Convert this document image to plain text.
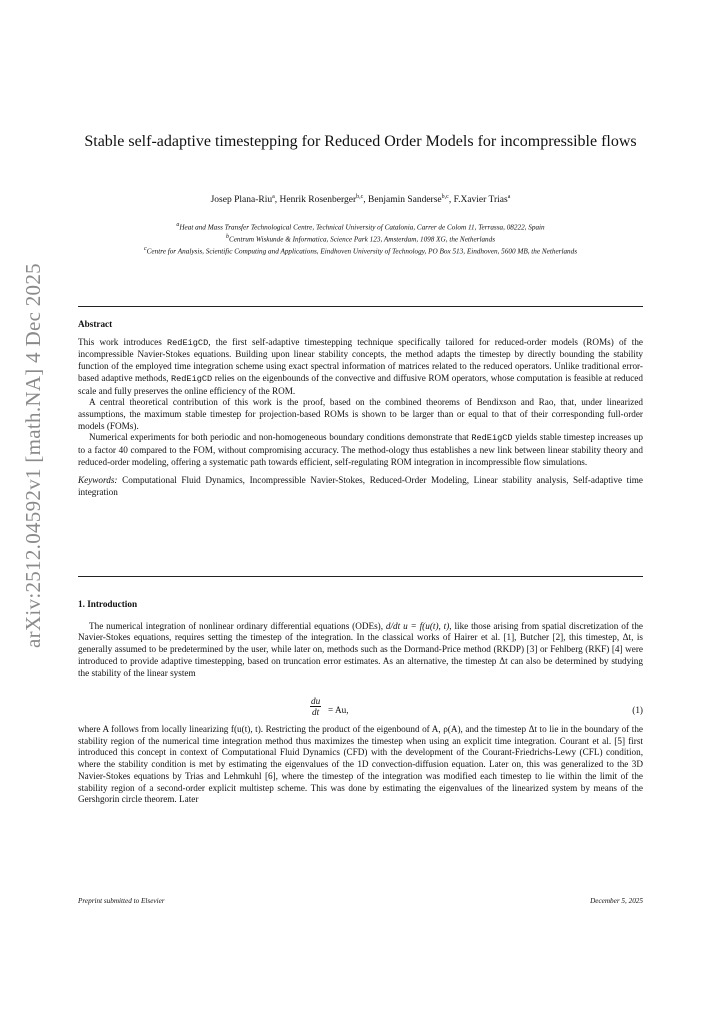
arXiv:2512.04592v1 [math.NA] 4 Dec 2025
Stable self-adaptive timestepping for Reduced Order Models for incompressible flows
Josep Plana-Riu$^a$, Henrik Rosenberger$^{b,c}$, Benjamin Sanderse$^{b,c}$, F.Xavier Trias$^a$
$^a$Heat and Mass Transfer Technological Centre, Technical University of Catalonia, Carrer de Colom 11, Terrassa, 08222, Spain
$^b$Centrum Wiskunde & Informatica, Science Park 123, Amsterdam, 1098 XG, the Netherlands
$^c$Centre for Analysis, Scientific Computing and Applications, Eindhoven University of Technology, PO Box 513, Eindhoven, 5600 MB, the Netherlands
Abstract

This work introduces RedEigCD, the first self-adaptive timestepping technique specifically tailored for reduced-order models (ROMs) of the incompressible Navier-Stokes equations. Building upon linear stability concepts, the method adapts the timestep by directly bounding the stability function of the employed time integration scheme using exact spectral information of matrices related to the reduced operators. Unlike traditional error-based adaptive methods, RedEigCD relies on the eigenbounds of the convective and diffusive ROM operators, whose computation is feasible at reduced scale and fully preserves the online efficiency of the ROM.

A central theoretical contribution of this work is the proof, based on the combined theorems of Bendixson and Rao, that, under linearized assumptions, the maximum stable timestep for projection-based ROMs is shown to be larger than or equal to that of their corresponding full-order models (FOMs).

Numerical experiments for both periodic and non-homogeneous boundary conditions demonstrate that RedEigCD yields stable timestep increases up to a factor 40 compared to the FOM, without compromising accuracy. The method-ology thus establishes a new link between linear stability theory and reduced-order modeling, offering a systematic path towards efficient, self-regulating ROM integration in incompressible flow simulations.

Keywords: Computational Fluid Dynamics, Incompressible Navier-Stokes, Reduced-Order Modeling, Linear stability analysis, Self-adaptive time integration

1. Introduction

The numerical integration of nonlinear ordinary differential equations (ODEs), d/dt u = f(u(t), t), like those arising from spatial discretization of the Navier-Stokes equations, requires setting the timestep of the integration. In the classical works of Hairer et al. [1], Butcher [2], this timestep, Δt, is generally assumed to be predetermined by the user, while later on, methods such as the Dormand-Price method (RKDP) [3] or Fehlberg (RKF) [4] were introduced to provide adaptive timestepping, based on truncation error estimates. As an alternative, the timestep Δt can also be determined by studying the stability of the linear system

$\frac{du}{dt} = Au$,	(1)

where A follows from locally linearizing f(u(t), t). Restricting the product of the eigenbound of A, ρ(A), and the timestep Δt to lie in the boundary of the stability region of the numerical time integration method thus maximizes the timestep when using an explicit time integration. Courant et al. [5] first introduced this concept in context of Computational Fluid Dynamics (CFD) with the development of the Courant-Friedrichs-Lewy (CFL) condition, where the stability condition is met by estimating the eigenvalues of the 1D convection-diffusion equation. Later on, this was generalized to the 3D Navier-Stokes equations by Trias and Lehmkuhl [6], where the timestep of the integration was modified each timestep to lie within the limit of the stability region of a second-order explicit multistep scheme. This was done by estimating the eigenvalues of the linearized system by means of the Gershgorin circle theorem. Later

Preprint submitted to Elsevier	December 5, 2025
